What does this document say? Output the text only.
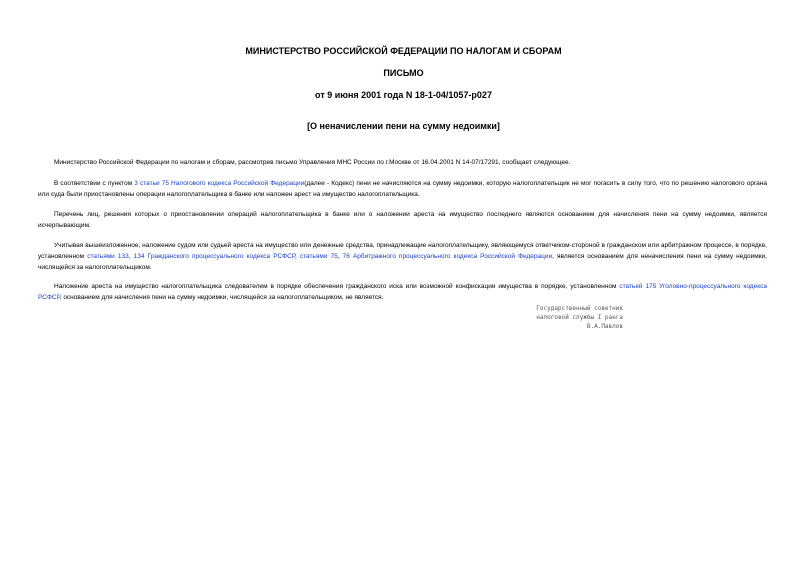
МИНИСТЕРСТВО РОССИЙСКОЙ ФЕДЕРАЦИИ ПО НАЛОГАМ И СБОРАМ
ПИСЬМО
от 9 июня 2001 года N 18-1-04/1057-р027
[О неначислении пени на сумму недоимки]

Министерство Российской Федерации по налогам и сборам, рассмотрев письмо Управления МНС России по г.Москве от 16.04.2001 N 14-07/17291, сообщает следующее.

В соответствии с пунктом 3 статьи 75 Налогового кодекса Российской Федерации(далее - Кодекс) пени не начисляются на сумму недоимки, которую налогоплательщик не мог погасить в силу того, что по решению налогового органа или суда были приостановлены операции налогоплательщика в банке или наложен арест на имущество налогоплательщика.

Перечень лиц, решения которых о приостановлении операций налогоплательщика в банке или о наложении ареста на имущество последнего являются основанием для начисления пени на сумму недоимки, является исчерпывающим.

Учитывая вышеизложенное, наложение судом или судьей ареста на имущество или денежные средства, принадлежащие налогоплательщику, являющемуся ответчиком-стороной в гражданском или арбитражном процессе, в порядке, установленном статьями 133, 134 Гражданского процессуального кодекса РСФСР, статьями 75, 76 Арбитражного процессуального кодекса Российской Федерации, является основанием для неначисления пени на сумму недоимки, числящейся за налогоплательщиком.

Наложение ареста на имущество налогоплательщика следователем в порядке обеспечения гражданского иска или возможной конфискации имущества в порядке, установленном статьей 175 Уголовно-процессуального кодекса РСФСР, основанием для начисления пени на сумму недоимки, числящейся за налогоплательщиком, не является.

Государственный советник
налоговой службы I ранга
В.А.Павлов
